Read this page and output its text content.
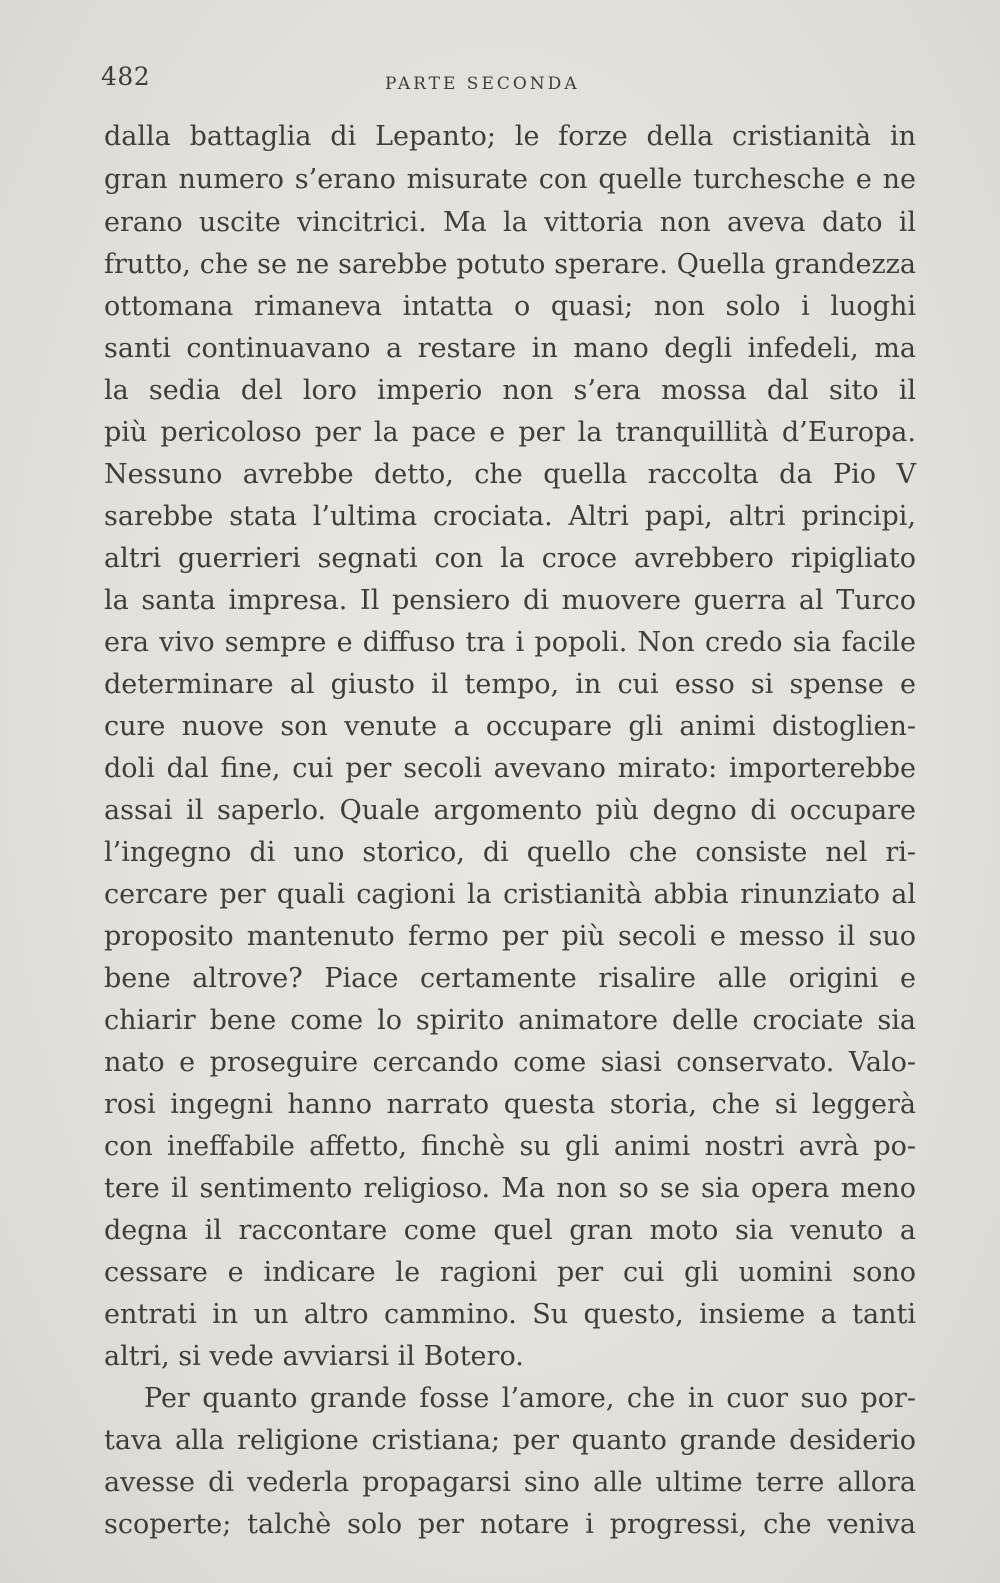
482	PARTE SECONDA
dalla battaglia di Lepanto; le forze della cristianità in
gran numero s’erano misurate con quelle turchesche e ne
erano uscite vincitrici. Ma la vittoria non aveva dato il
frutto, che se ne sarebbe potuto sperare. Quella grandezza
ottomana rimaneva intatta o quasi; non solo i luoghi
santi continuavano a restare in mano degli infedeli, ma
la sedia del loro imperio non s’era mossa dal sito il
più pericoloso per la pace e per la tranquillità d’Europa.
Nessuno avrebbe detto, che quella raccolta da Pio V
sarebbe stata l’ultima crociata. Altri papi, altri principi,
altri guerrieri segnati con la croce avrebbero ripigliato
la santa impresa. Il pensiero di muovere guerra al Turco
era vivo sempre e diffuso tra i popoli. Non credo sia facile
determinare al giusto il tempo, in cui esso si spense e
cure nuove son venute a occupare gli animi distoglien-
doli dal fine, cui per secoli avevano mirato: importerebbe
assai il saperlo. Quale argomento più degno di occupare
l’ingegno di uno storico, di quello che consiste nel ri-
cercare per quali cagioni la cristianità abbia rinunziato al
proposito mantenuto fermo per più secoli e messo il suo
bene altrove? Piace certamente risalire alle origini e
chiarir bene come lo spirito animatore delle crociate sia
nato e proseguire cercando come siasi conservato. Valo-
rosi ingegni hanno narrato questa storia, che si leggerà
con ineffabile affetto, finchè su gli animi nostri avrà po-
tere il sentimento religioso. Ma non so se sia opera meno
degna il raccontare come quel gran moto sia venuto a
cessare e indicare le ragioni per cui gli uomini sono
entrati in un altro cammino. Su questo, insieme a tanti
altri, si vede avviarsi il Botero.
Per quanto grande fosse l’amore, che in cuor suo por-
tava alla religione cristiana; per quanto grande desiderio
avesse di vederla propagarsi sino alle ultime terre allora
scoperte; talchè solo per notare i progressi, che veniva
